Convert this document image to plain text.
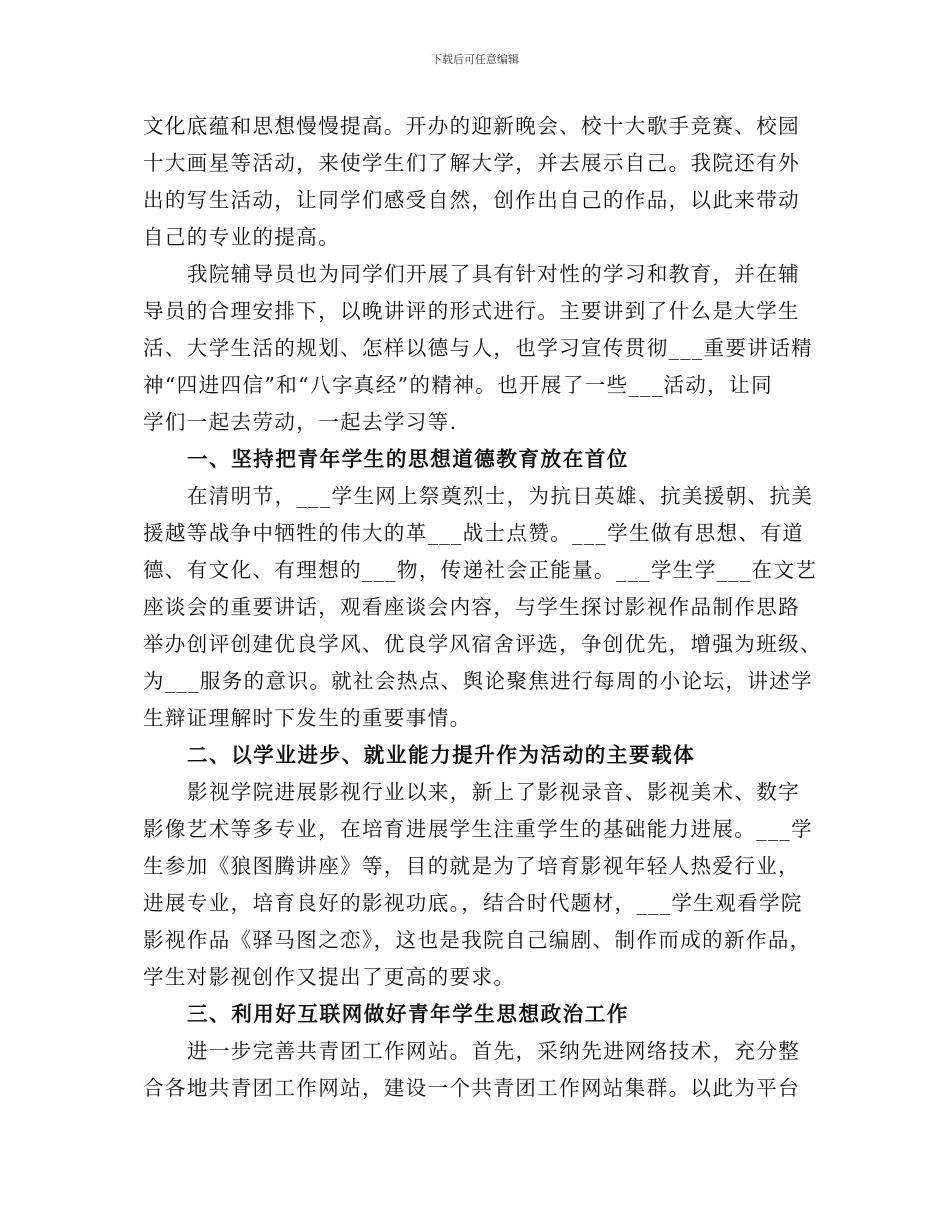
下载后可任意编辑
文化底蕴和思想慢慢提高。开办的迎新晚会、校十大歌手竞赛、校园
十大画星等活动，来使学生们了解大学，并去展示自己。我院还有外
出的写生活动，让同学们感受自然，创作出自己的作品，以此来带动
自己的专业的提高。
我院辅导员也为同学们开展了具有针对性的学习和教育，并在辅
导员的合理安排下，以晚讲评的形式进行。主要讲到了什么是大学生
活、大学生活的规划、怎样以德与人，也学习宣传贯彻___重要讲话精
神“四进四信”和“八字真经”的精神。也开展了一些___活动，让同
学们一起去劳动，一起去学习等.
一、坚持把青年学生的思想道德教育放在首位
在清明节，___学生网上祭奠烈士，为抗日英雄、抗美援朝、抗美
援越等战争中牺牲的伟大的革___战士点赞。___学生做有思想、有道
德、有文化、有理想的___物，传递社会正能量。___学生学___在文艺
座谈会的重要讲话，观看座谈会内容，与学生探讨影视作品制作思路
举办创评创建优良学风、优良学风宿舍评选，争创优先，增强为班级、
为___服务的意识。就社会热点、舆论聚焦进行每周的小论坛，讲述学
生辩证理解时下发生的重要事情。
二、以学业进步、就业能力提升作为活动的主要载体
影视学院进展影视行业以来，新上了影视录音、影视美术、数字
影像艺术等多专业，在培育进展学生注重学生的基础能力进展。___学
生参加《狼图腾讲座》等，目的就是为了培育影视年轻人热爱行业，
进展专业，培育良好的影视功底。，结合时代题材，___学生观看学院
影视作品《驿马图之恋》，这也是我院自己编剧、制作而成的新作品，
学生对影视创作又提出了更高的要求。
三、利用好互联网做好青年学生思想政治工作
进一步完善共青团工作网站。首先，采纳先进网络技术，充分整
合各地共青团工作网站，建设一个共青团工作网站集群。以此为平台
